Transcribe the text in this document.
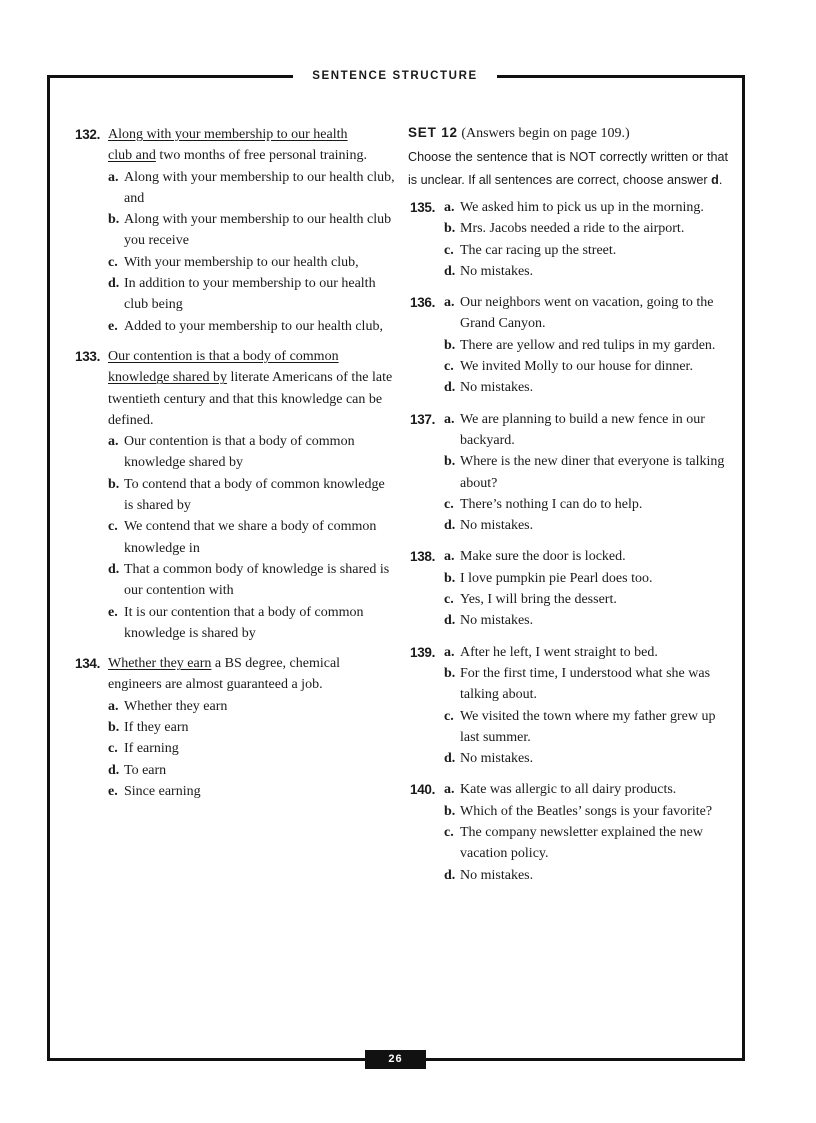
SENTENCE STRUCTURE
26
132. Along with your membership to our health
club and two months of free personal training.
a. Along with your membership to our health club, and
b. Along with your membership to our health club you receive
c. With your membership to our health club,
d. In addition to your membership to our health club being
e. Added to your membership to our health club,
133. Our contention is that a body of common
knowledge shared by literate Americans of the late twentieth century and that this knowledge can be defined.
a. Our contention is that a body of common knowledge shared by
b. To contend that a body of common knowledge is shared by
c. We contend that we share a body of common knowledge in
d. That a common body of knowledge is shared is our contention with
e. It is our contention that a body of common knowledge is shared by
134. Whether they earn a BS degree, chemical engineers are almost guaranteed a job.
a. Whether they earn
b. If they earn
c. If earning
d. To earn
e. Since earning
SET 12 (Answers begin on page 109.)
Choose the sentence that is NOT correctly written or that is unclear. If all sentences are correct, choose answer d.
135. a. We asked him to pick us up in the morning.
b. Mrs. Jacobs needed a ride to the airport.
c. The car racing up the street.
d. No mistakes.
136. a. Our neighbors went on vacation, going to the Grand Canyon.
b. There are yellow and red tulips in my garden.
c. We invited Molly to our house for dinner.
d. No mistakes.
137. a. We are planning to build a new fence in our backyard.
b. Where is the new diner that everyone is talking about?
c. There’s nothing I can do to help.
d. No mistakes.
138. a. Make sure the door is locked.
b. I love pumpkin pie Pearl does too.
c. Yes, I will bring the dessert.
d. No mistakes.
139. a. After he left, I went straight to bed.
b. For the first time, I understood what she was talking about.
c. We visited the town where my father grew up last summer.
d. No mistakes.
140. a. Kate was allergic to all dairy products.
b. Which of the Beatles’ songs is your favorite?
c. The company newsletter explained the new vacation policy.
d. No mistakes.
